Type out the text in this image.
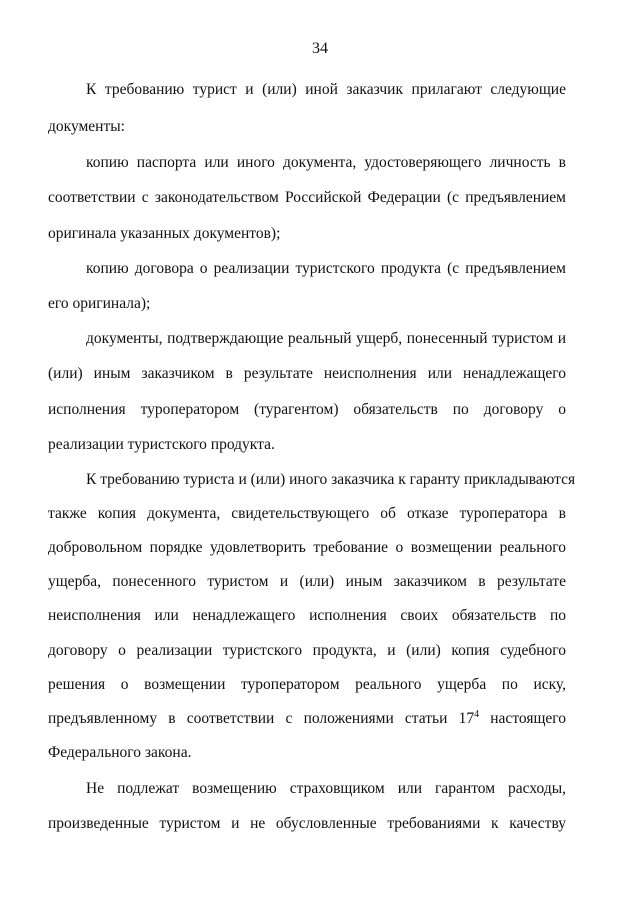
34
К требованию турист и (или) иной заказчик прилагают следующие
документы:
копию паспорта или иного документа, удостоверяющего личность в
соответствии с законодательством Российской Федерации (с предъявлением
оригинала указанных документов);
копию договора о реализации туристского продукта (с предъявлением
его оригинала);
документы, подтверждающие реальный ущерб, понесенный туристом и
(или) иным заказчиком в результате неисполнения или ненадлежащего
исполнения туроператором (турагентом) обязательств по договору о
реализации туристского продукта.
К требованию туриста и (или) иного заказчика к гаранту прикладываются
также копия документа, свидетельствующего об отказе туроператора в
добровольном порядке удовлетворить требование о возмещении реального
ущерба, понесенного туристом и (или) иным заказчиком в результате
неисполнения или ненадлежащего исполнения своих обязательств по
договору о реализации туристского продукта, и (или) копия судебного
решения о возмещении туроператором реального ущерба по иску,
предъявленному в соответствии с положениями статьи $17^4$ настоящего
Федерального закона.
Не подлежат возмещению страховщиком или гарантом расходы,
произведенные туристом и не обусловленные требованиями к качеству
